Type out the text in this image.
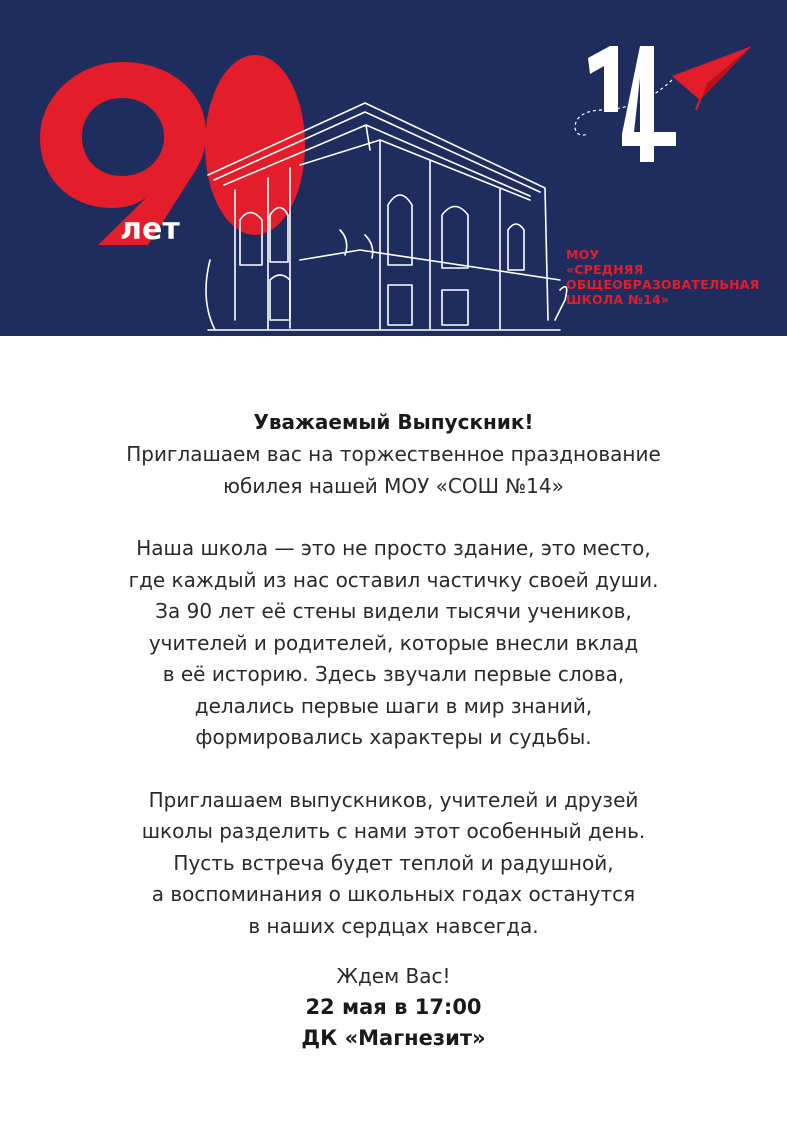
лет
МОУ
«СРЕДНЯЯ
ОБЩЕОБРАЗОВАТЕЛЬНАЯ
ШКОЛА №14»
Уважаемый Выпускник!
Приглашаем вас на торжественное празднование
юбилея нашей МОУ «СОШ №14»
Наша школа — это не просто здание, это место,
где каждый из нас оставил частичку своей души.
За 90 лет её стены видели тысячи учеников,
учителей и родителей, которые внесли вклад
в её историю. Здесь звучали первые слова,
делались первые шаги в мир знаний,
формировались характеры и судьбы.
Приглашаем выпускников, учителей и друзей
школы разделить с нами этот особенный день.
Пусть встреча будет теплой и радушной,
а воспоминания о школьных годах останутся
в наших сердцах навсегда.
Ждем Вас!
22 мая в 17:00
ДК «Магнезит»
